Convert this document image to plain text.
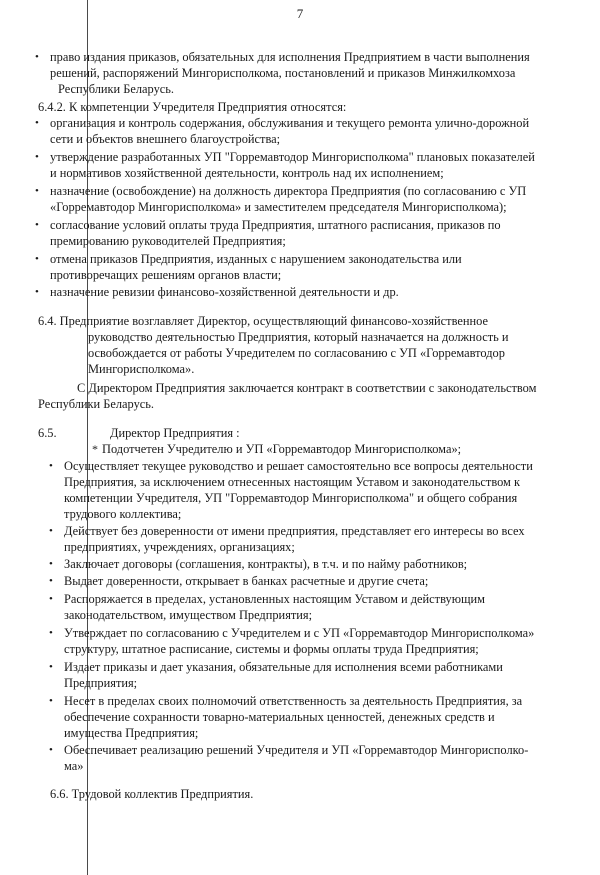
7
• право издания приказов, обязательных для исполнения Предприятием в части выполнения
решений, распоряжений Мингорисполкома, постановлений и приказов Минжилкомхоза
Республики Беларусь.
6.4.2. К компетенции Учредителя Предприятия относятся:
• организация и контроль содержания, обслуживания и текущего ремонта улично-дорожной
сети и объектов внешнего благоустройства;
• утверждение разработанных УП "Горремавтодор Мингорисполкома" плановых показателей
и нормативов хозяйственной деятельности, контроль над их исполнением;
• назначение (освобождение) на должность директора Предприятия (по согласованию с УП
«Горремавтодор Мингорисполкома» и заместителем председателя Мингорисполкома);
• согласование условий оплаты труда Предприятия, штатного расписания, приказов по
премированию руководителей Предприятия;
• отмена приказов Предприятия, изданных с нарушением законодательства или
противоречащих решениям органов власти;
• назначение ревизии финансово-хозяйственной деятельности и др.
6.4. Предприятие возглавляет Директор, осуществляющий финансово-хозяйственное
руководство деятельностью Предприятия, который назначается на должность и
освобождается от работы Учредителем по согласованию с УП «Горремавтодор
Мингорисполкома».
С Директором Предприятия заключается контракт в соответствии с законодательством
Республики Беларусь.
6.5.	Директор Предприятия :
* Подотчетен Учредителю и УП «Горремавтодор Мингорисполкома»;
• Осуществляет текущее руководство и решает самостоятельно все вопросы деятельности
Предприятия, за исключением отнесенных настоящим Уставом и законодательством к
компетенции Учредителя, УП "Горремавтодор Мингорисполкома" и общего собрания
трудового коллектива;
• Действует без доверенности от имени предприятия, представляет его интересы во всех
предприятиях, учреждениях, организациях;
• Заключает договоры (соглашения, контракты), в т.ч. и по найму работников;
• Выдает доверенности, открывает в банках расчетные и другие счета;
• Распоряжается в пределах, установленных настоящим Уставом и действующим
законодательством, имуществом Предприятия;
• Утверждает по согласованию с Учредителем и с УП «Горремавтодор Мингорисполкома»
структуру, штатное расписание, системы и формы оплаты труда Предприятия;
• Издает приказы и дает указания, обязательные для исполнения всеми работниками
Предприятия;
• Несет в пределах своих полномочий ответственность за деятельность Предприятия, за
обеспечение сохранности товарно-материальных ценностей, денежных средств и
имущества Предприятия;
• Обеспечивает реализацию решений Учредителя и УП «Горремавтодор Мингорисполко-
ма»
6.6. Трудовой коллектив Предприятия.
